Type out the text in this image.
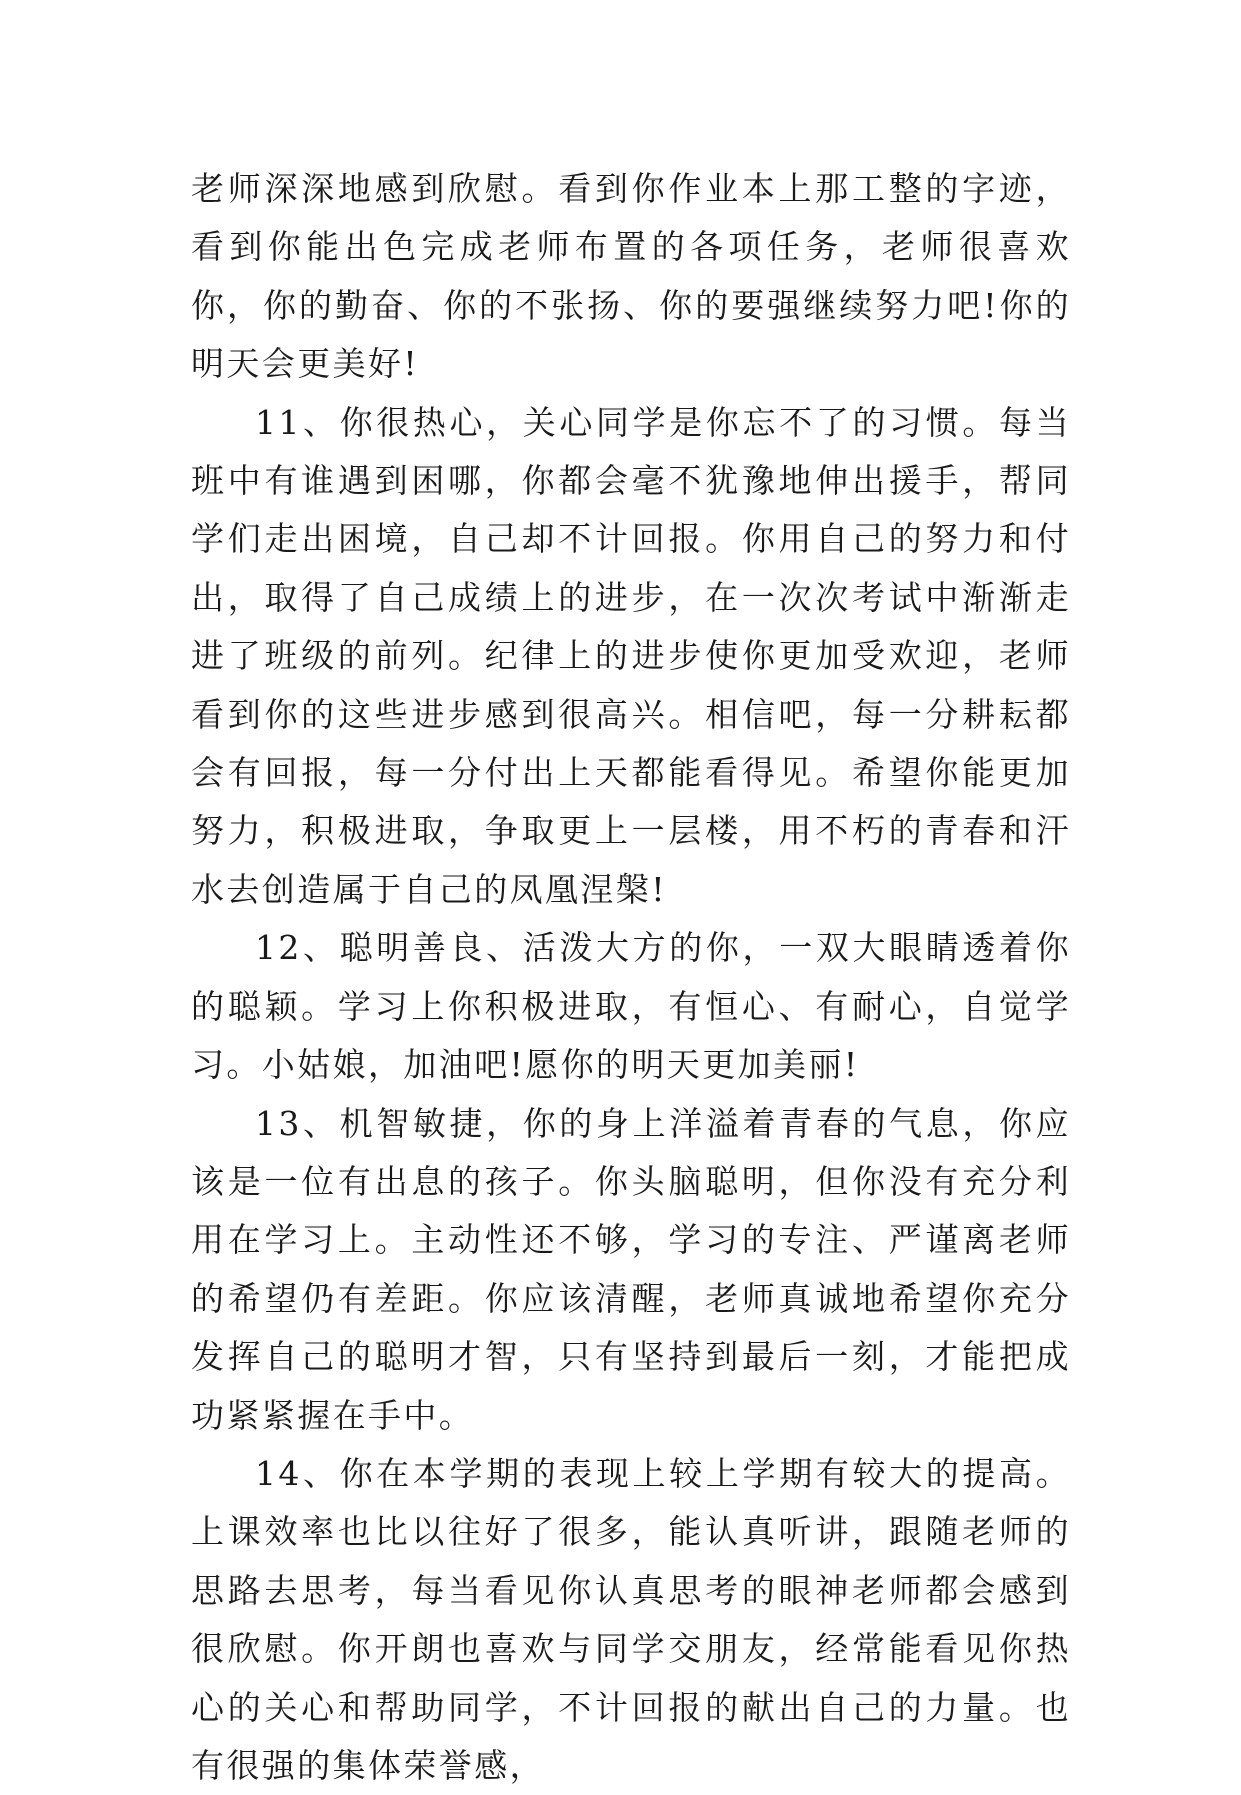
老师深深地感到欣慰。看到你作业本上那工整的字迹，看到你能出色完成老师布置的各项任务，老师很喜欢你，你的勤奋、你的不张扬、你的要强继续努力吧!你的明天会更美好!

11、你很热心，关心同学是你忘不了的习惯。每当班中有谁遇到困哪，你都会毫不犹豫地伸出援手，帮同学们走出困境，自己却不计回报。你用自己的努力和付出，取得了自己成绩上的进步，在一次次考试中渐渐走进了班级的前列。纪律上的进步使你更加受欢迎，老师看到你的这些进步感到很高兴。相信吧，每一分耕耘都会有回报，每一分付出上天都能看得见。希望你能更加努力，积极进取，争取更上一层楼，用不朽的青春和汗水去创造属于自己的凤凰涅槃!

12、聪明善良、活泼大方的你，一双大眼睛透着你的聪颖。学习上你积极进取，有恒心、有耐心，自觉学习。小姑娘，加油吧!愿你的明天更加美丽!

13、机智敏捷，你的身上洋溢着青春的气息，你应该是一位有出息的孩子。你头脑聪明，但你没有充分利用在学习上。主动性还不够，学习的专注、严谨离老师的希望仍有差距。你应该清醒，老师真诚地希望你充分发挥自己的聪明才智，只有坚持到最后一刻，才能把成功紧紧握在手中。

14、你在本学期的表现上较上学期有较大的提高。上课效率也比以往好了很多，能认真听讲，跟随老师的思路去思考，每当看见你认真思考的眼神老师都会感到很欣慰。你开朗也喜欢与同学交朋友，经常能看见你热心的关心和帮助同学，不计回报的献出自己的力量。也有很强的集体荣誉感，
